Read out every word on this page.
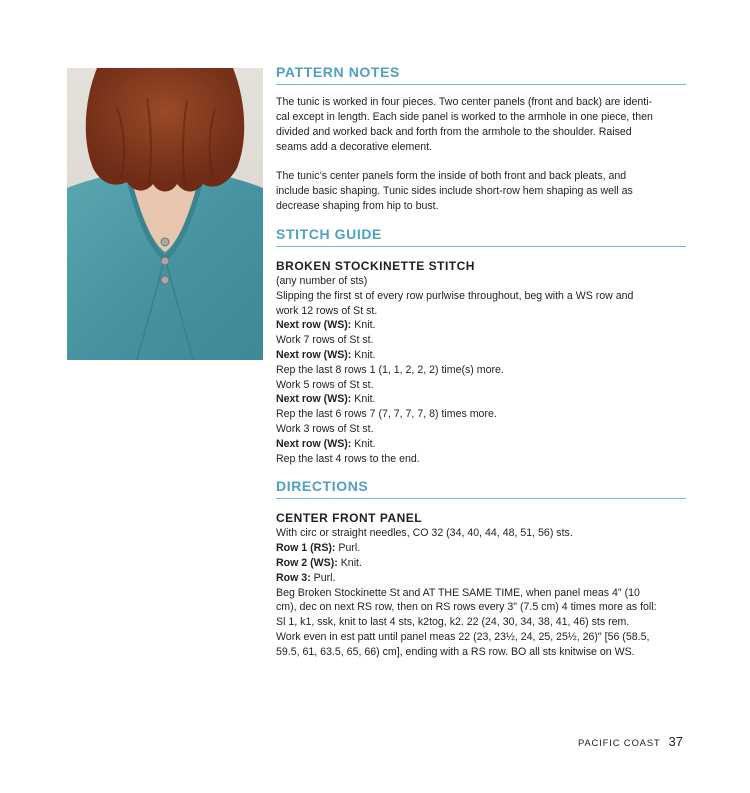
PATTERN NOTES

The tunic is worked in four pieces. Two center panels (front and back) are identi-
cal except in length. Each side panel is worked to the armhole in one piece, then
divided and worked back and forth from the armhole to the shoulder. Raised
seams add a decorative element.

The tunic’s center panels form the inside of both front and back pleats, and
include basic shaping. Tunic sides include short-row hem shaping as well as
decrease shaping from hip to bust.

STITCH GUIDE
BROKEN STOCKINETTE STITCH
(any number of sts)
Slipping the first st of every row purlwise throughout, beg with a WS row and
work 12 rows of St st.
Next row (WS): Knit.
Work 7 rows of St st.
Next row (WS): Knit.
Rep the last 8 rows 1 (1, 1, 2, 2, 2) time(s) more.
Work 5 rows of St st.
Next row (WS): Knit.
Rep the last 6 rows 7 (7, 7, 7, 7, 8) times more.
Work 3 rows of St st.
Next row (WS): Knit.
Rep the last 4 rows to the end.
DIRECTIONS
CENTER FRONT PANEL
With circ or straight needles, CO 32 (34, 40, 44, 48, 51, 56) sts.
Row 1 (RS): Purl.
Row 2 (WS): Knit.
Row 3: Purl.
Beg Broken Stockinette St and AT THE SAME TIME, when panel meas 4" (10
cm), dec on next RS row, then on RS rows every 3" (7.5 cm) 4 times more as foll:
Sl 1, k1, ssk, knit to last 4 sts, k2tog, k2. 22 (24, 30, 34, 38, 41, 46) sts rem.
Work even in est patt until panel meas 22 (23, 23½, 24, 25, 25½, 26)" [56 (58.5,
59.5, 61, 63.5, 65, 66) cm], ending with a RS row. BO all sts knitwise on WS.
PACIFIC COAST 37
